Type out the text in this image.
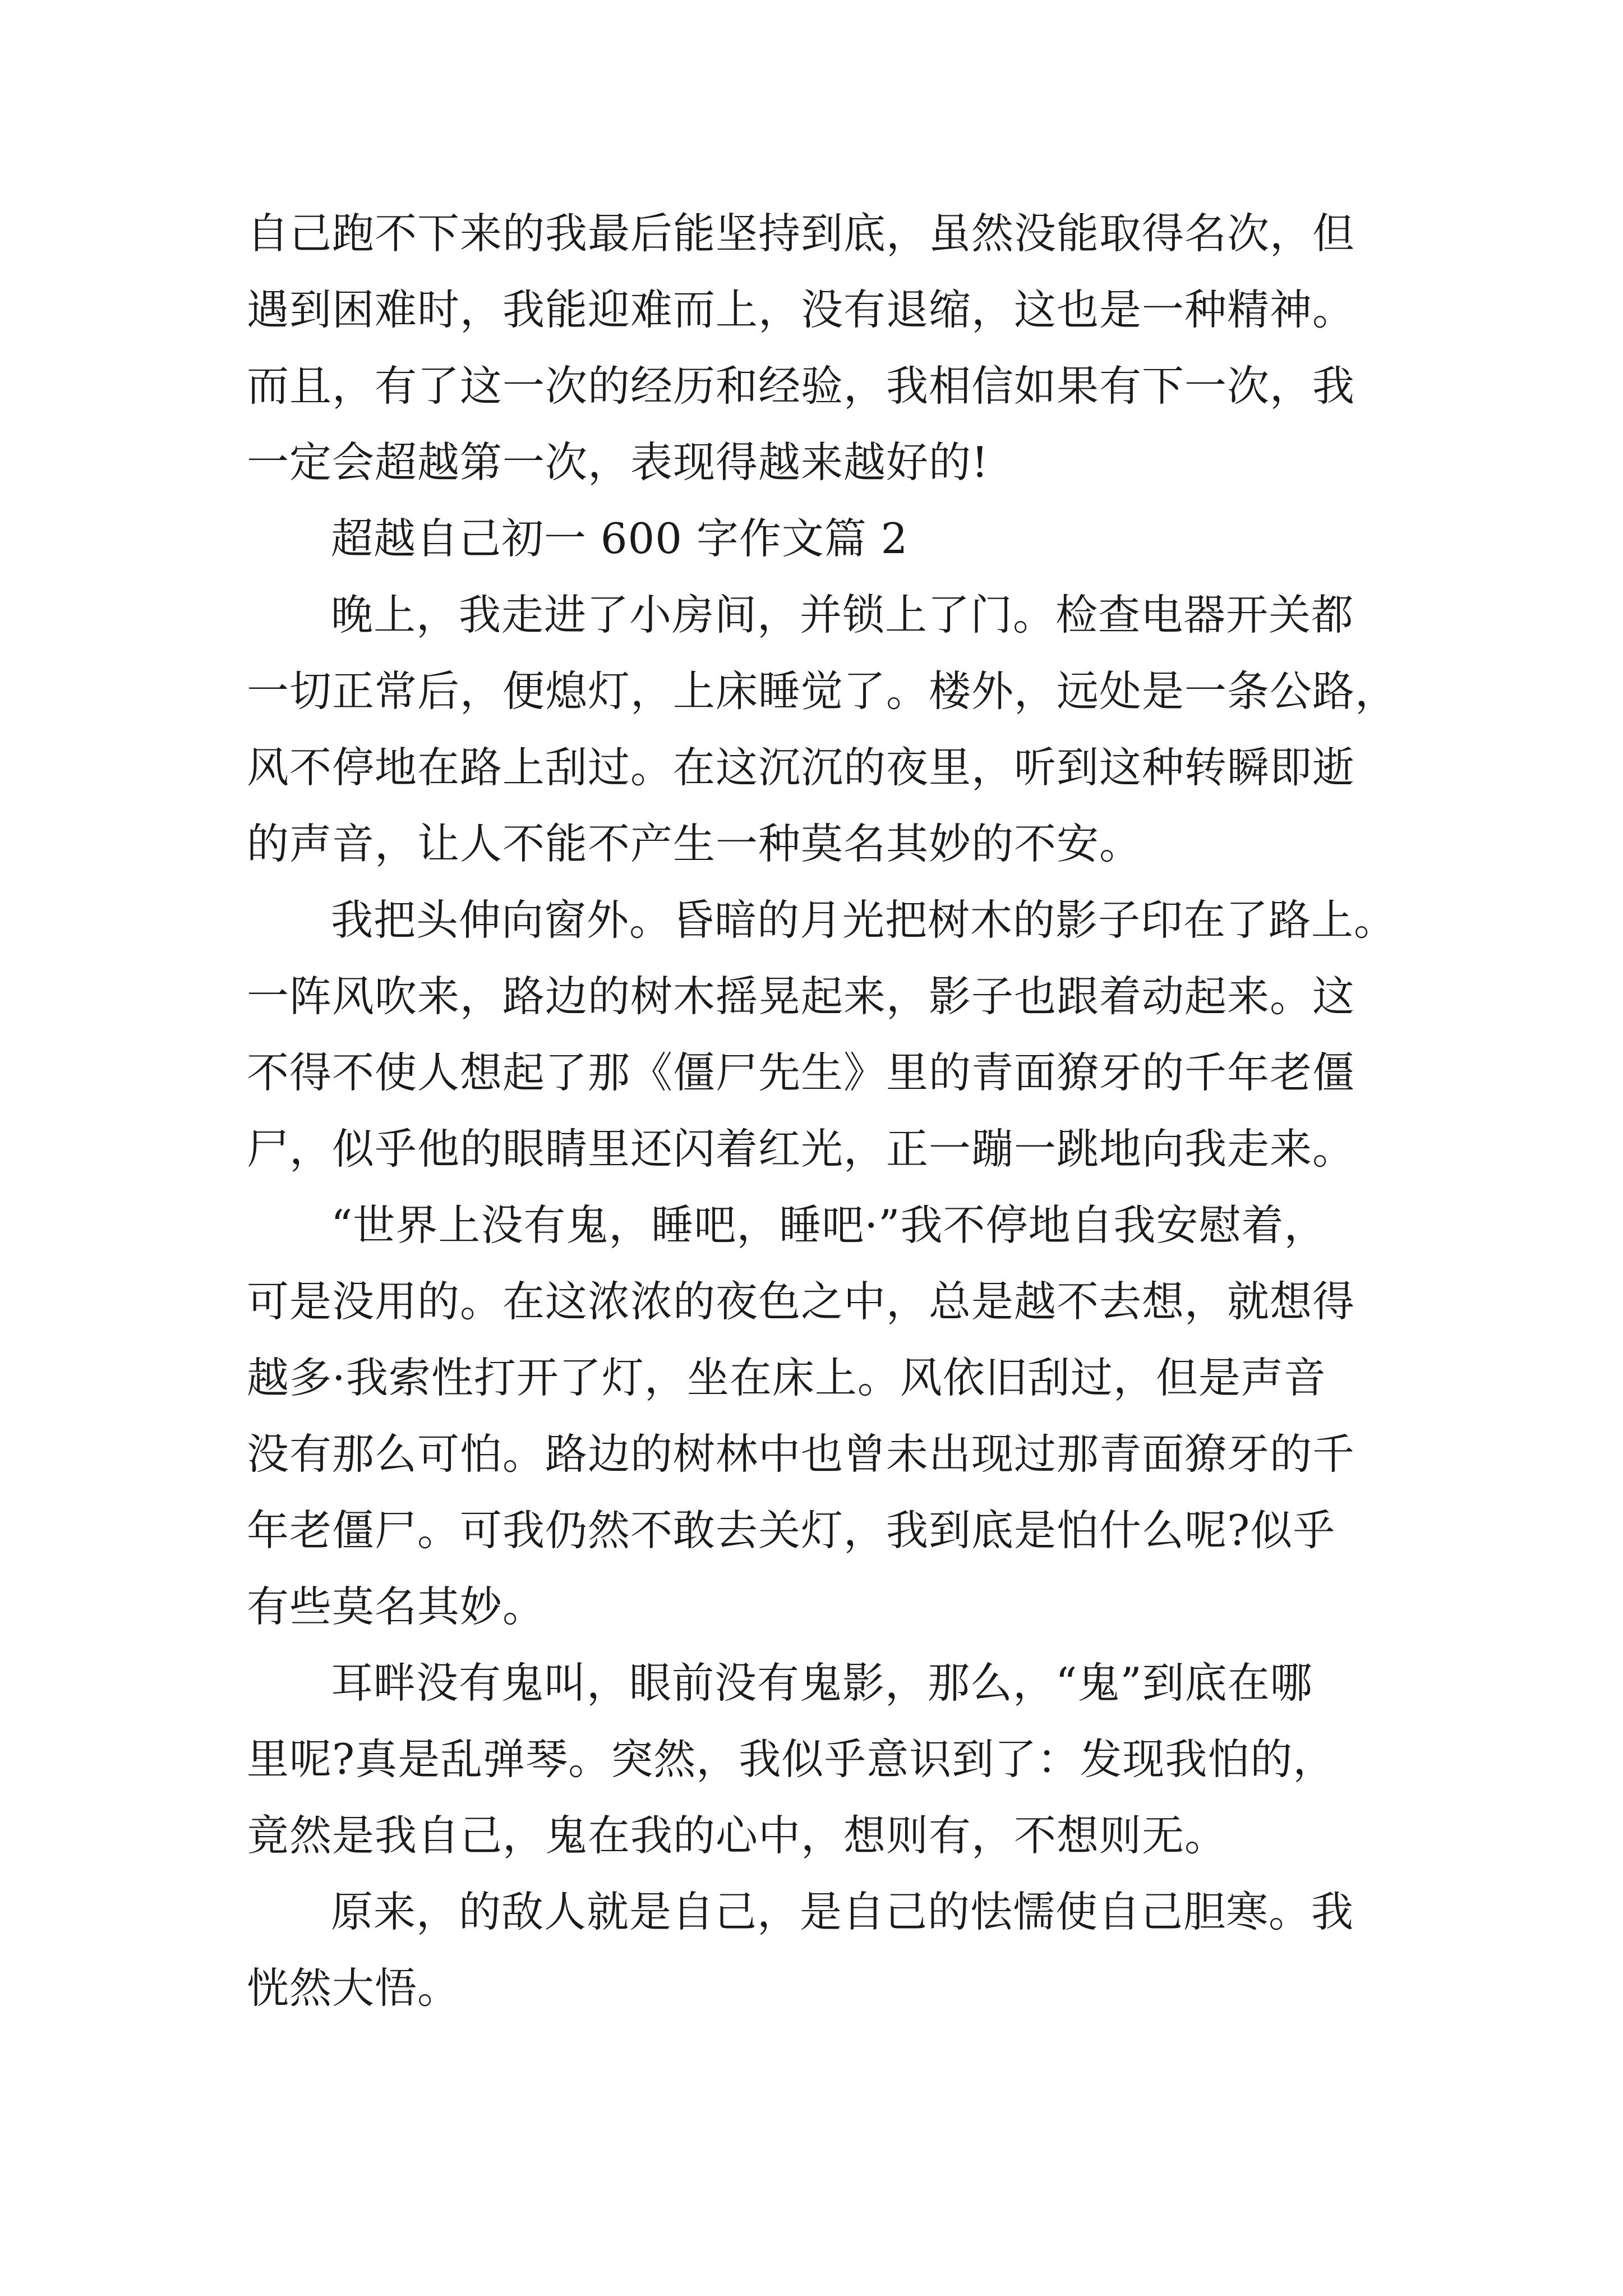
自己跑不下来的我最后能坚持到底，虽然没能取得名次，但
遇到困难时，我能迎难而上，没有退缩，这也是一种精神。
而且，有了这一次的经历和经验，我相信如果有下一次，我
一定会超越第一次，表现得越来越好的!
超越自己初一 600 字作文篇 2
晚上，我走进了小房间，并锁上了门。检查电器开关都
一切正常后，便熄灯，上床睡觉了。楼外，远处是一条公路，
风不停地在路上刮过。在这沉沉的夜里，听到这种转瞬即逝
的声音，让人不能不产生一种莫名其妙的不安。
我把头伸向窗外。昏暗的月光把树木的影子印在了路上。
一阵风吹来，路边的树木摇晃起来，影子也跟着动起来。这
不得不使人想起了那《僵尸先生》里的青面獠牙的千年老僵
尸，似乎他的眼睛里还闪着红光，正一蹦一跳地向我走来。
“世界上没有鬼，睡吧，睡吧·”我不停地自我安慰着，
可是没用的。在这浓浓的夜色之中，总是越不去想，就想得
越多·我索性打开了灯，坐在床上。风依旧刮过，但是声音
没有那么可怕。路边的树林中也曾未出现过那青面獠牙的千
年老僵尸。可我仍然不敢去关灯，我到底是怕什么呢?似乎
有些莫名其妙。
耳畔没有鬼叫，眼前没有鬼影，那么，“鬼”到底在哪
里呢?真是乱弹琴。突然，我似乎意识到了：发现我怕的，
竟然是我自己，鬼在我的心中，想则有，不想则无。
原来，的敌人就是自己，是自己的怯懦使自己胆寒。我
恍然大悟。
